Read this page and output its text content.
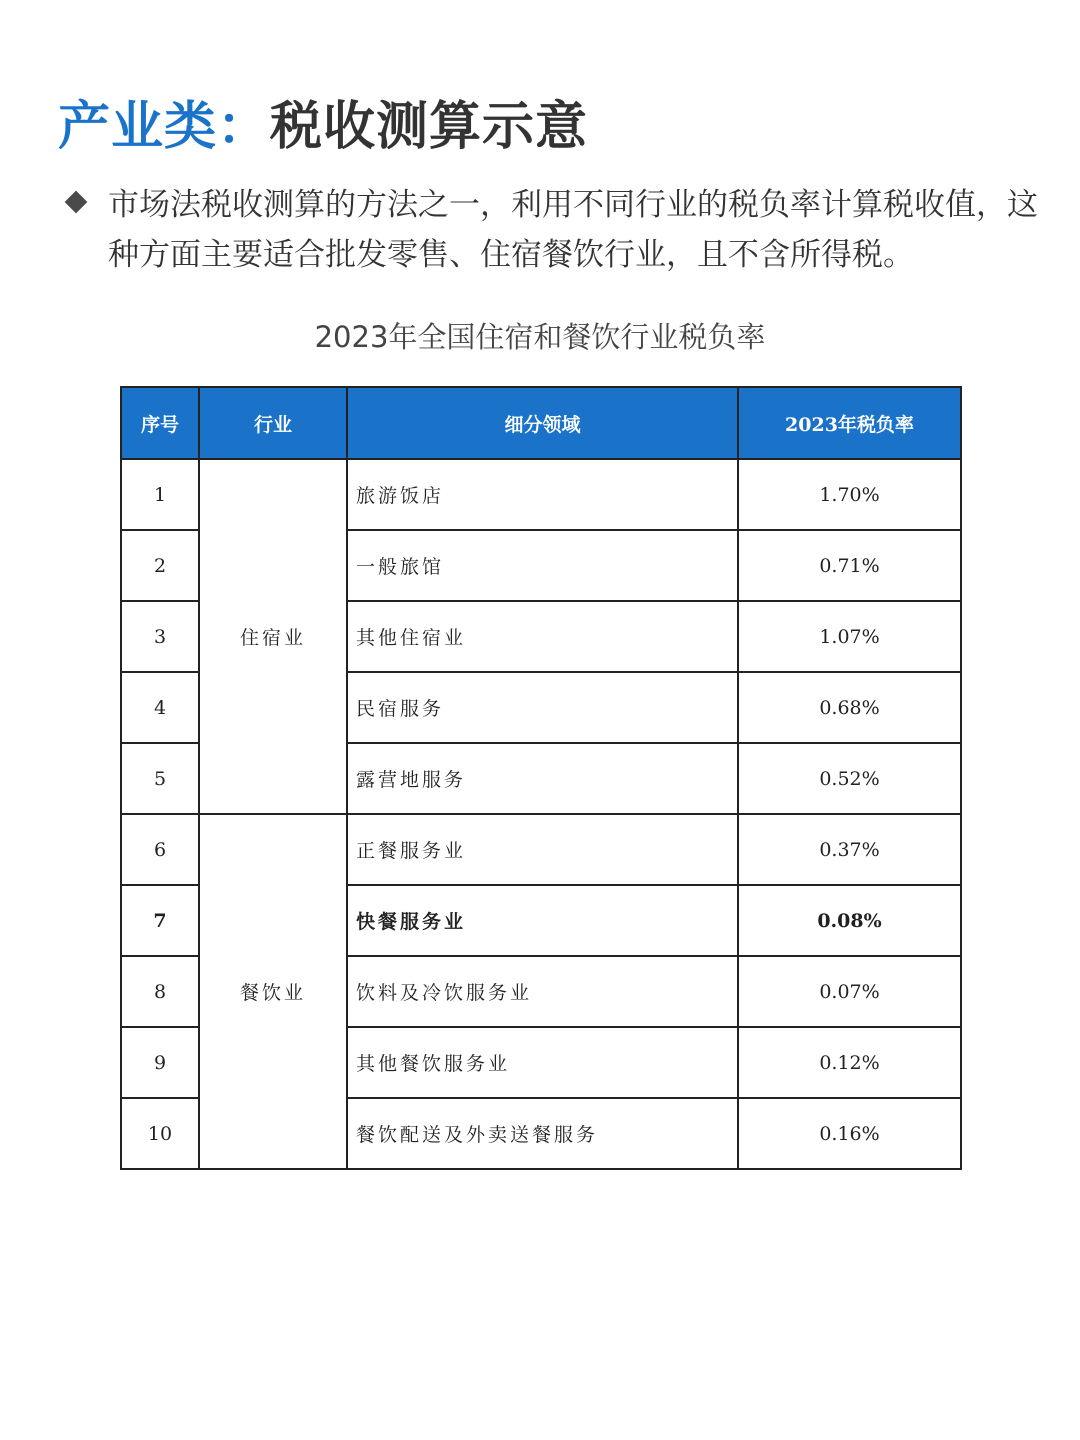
产业类：税收测算示意

市场法税收测算的方法之一，利用不同行业的税负率计算税收值，这种方面主要适合批发零售、住宿餐饮行业，且不含所得税。

2023年全国住宿和餐饮行业税负率

序号	行业	细分领域	2023年税负率
1	住宿业	旅游饭店	1.70%
2		一般旅馆	0.71%
3		其他住宿业	1.07%
4		民宿服务	0.68%
5		露营地服务	0.52%
6	餐饮业	正餐服务业	0.37%
7		快餐服务业	0.08%
8		饮料及冷饮服务业	0.07%
9		其他餐饮服务业	0.12%
10		餐饮配送及外卖送餐服务	0.16%
